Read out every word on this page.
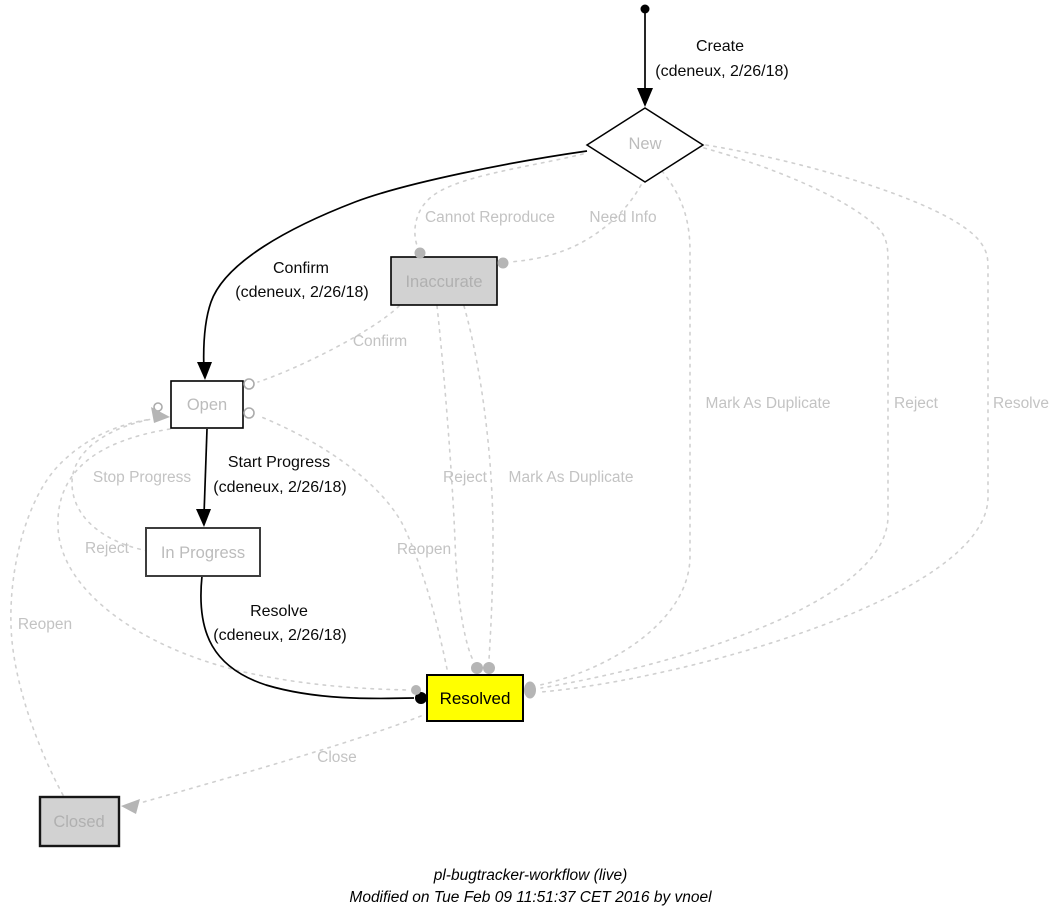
New
Inaccurate
Open
In Progress
Resolved
Closed
Create
(cdeneux, 2/26/18)
Confirm
(cdeneux, 2/26/18)
Start Progress
(cdeneux, 2/26/18)
Resolve
(cdeneux, 2/26/18)
Cannot Reproduce Need Info
Confirm
Mark As Duplicate	Reject	Resolve
Reject Mark As Duplicate
Reopen
Stop Progress
Reject
Reopen
Close
pl-bugtracker-workflow (live)
Modified on Tue Feb 09 11:51:37 CET 2016 by vnoel
